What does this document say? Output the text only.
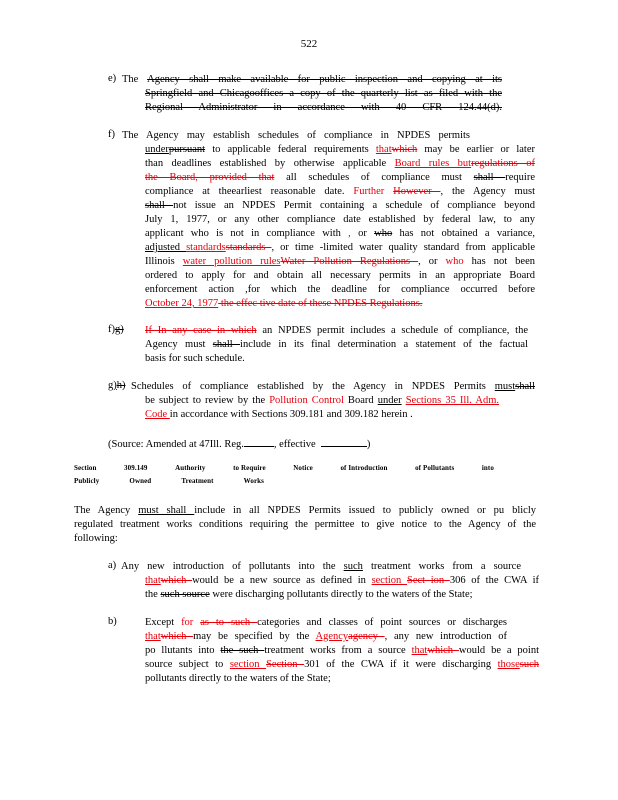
522
e) The Agency shall make available for public inspection and copying at its
Springfield and Chicagooffices a copy of the quarterly list as filed with the
Regional Administrator in accordance with 40 CFR 124.44(d).
f) The Agency may establish schedules of compliance in NPDES permits
underpursuant to applicable federal requirements thatwhich may be earlier or later
than deadlines established by otherwise applicable Board rules butregulations of
the Board, provided that all schedules of compliance must shall require
compliance at theearliest reasonable date. Further However , the Agency must
shall not issue an NPDES Permit containing a schedule of compliance beyond
July 1, 1977, or any other compliance date established by federal law, to any
applicant who is not in compliance with , or who has not obtained a variance,
adjusted standardsstandards , or time -limited water quality standard from applicable
Illinois water pollution rulesWater Pollution Regulations , or who has not been
ordered to apply for and obtain all necessary permits in an appropriate Board
enforcement action ,for which the deadline for compliance occurred before
October 24, 1977 the effec tive date of these NPDES Regulations.
f)g) If In any case in which an NPDES permit includes a schedule of compliance, the
Agency must shall include in its final determination a statement of the factual
basis for such schedule.
g)h) Schedules of compliance established by the Agency in NPDES Permits mustshall
be subject to review by the Pollution Control Board under Sections 35 Ill. Adm.
Code in accordance with Sections 309.181 and 309.182 herein .
(Source: Amended at 47Ill. Reg.	, effective	)
Section	309.149	Authority	to Require	Notice	of Introduction	of Pollutants	into
Publicly	Owned	Treatment	Works
The Agency must shall include in all NPDES Permits issued to publicly owned or pu blicly
regulated treatment works conditions requiring the permittee to give notice to the Agency of the
following:
a) Any new introduction of pollutants into the such treatment works from a source
thatwhich would be a new source as defined in section Sect ion 306 of the CWA if
the such source were discharging pollutants directly to the waters of the State;
b)	Except for as to such categories and classes of point sources or discharges
thatwhich may be specified by the Agencyagency , any new introduction of
po llutants into the such treatment works from a source thatwhich would be a point
source subject to section Section 301 of the CWA if it were discharging thosesuch
pollutants directly to the waters of the State;
